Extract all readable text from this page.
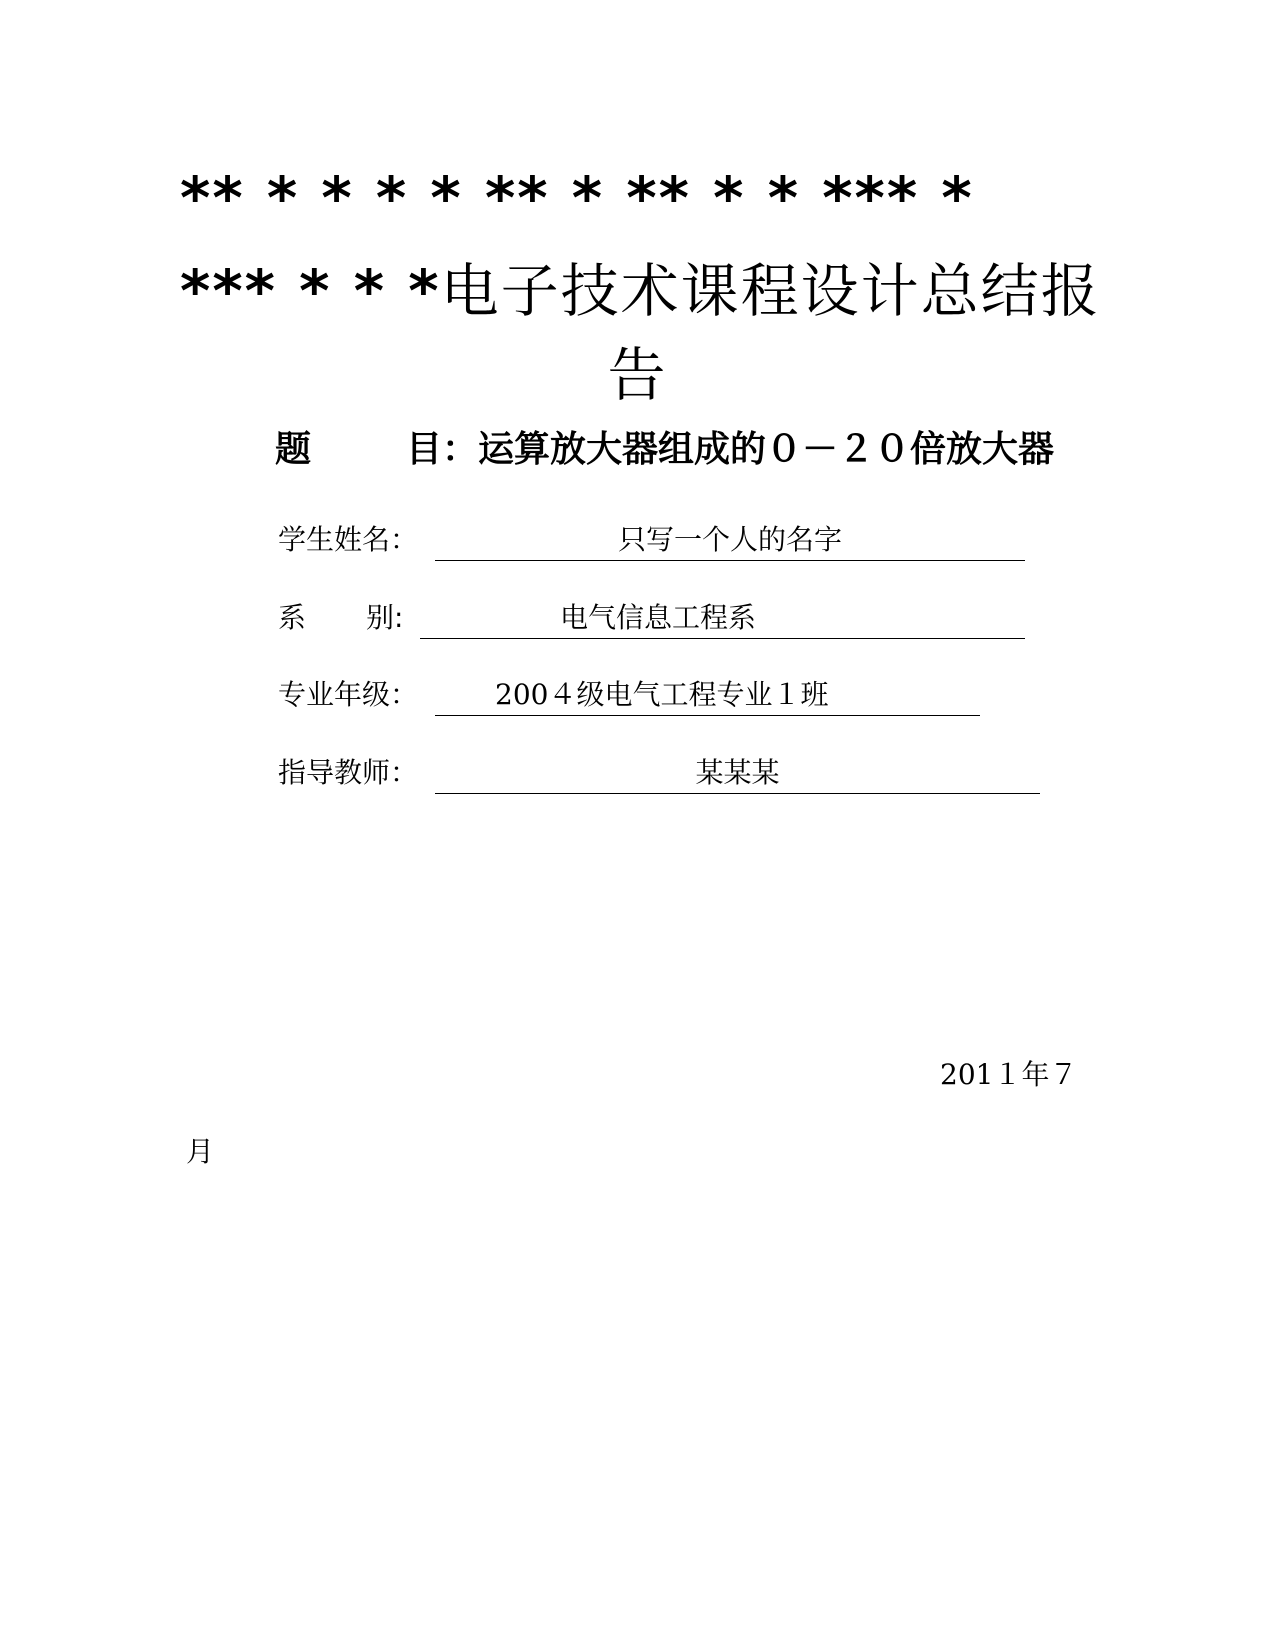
** * * * * ** * ** * * *** *
*** * * *电子技术课程设计总结报
告
题	目：运算放大器组成的０－２０倍放大器
学生姓名：	只写一个人的名字
系 别:	电气信息工程系
专业年级：	200４级电气工程专业１班
指导教师：	某某某
201１年７
月
